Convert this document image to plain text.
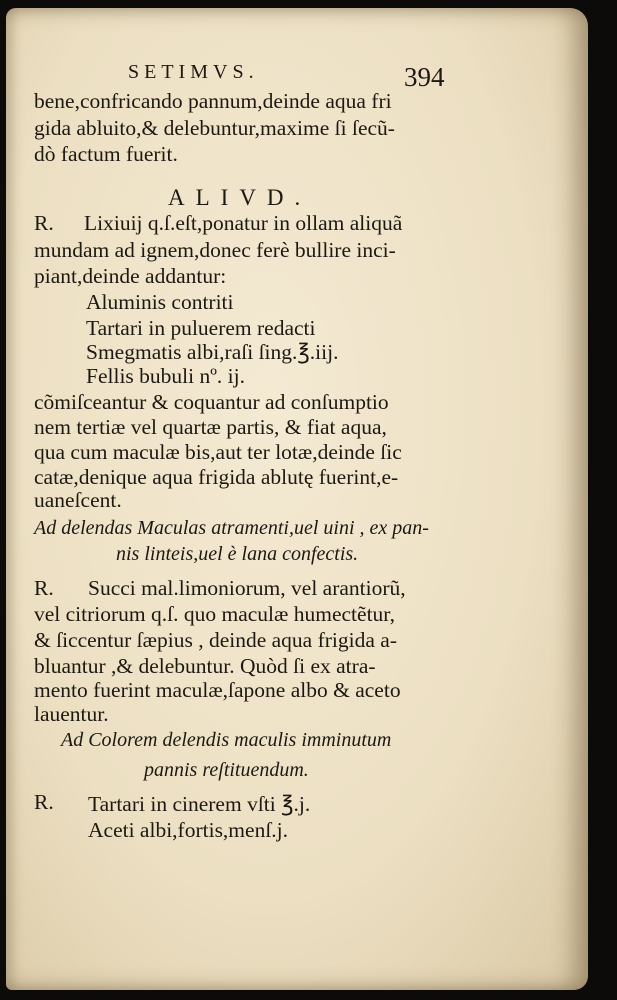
SETIMVS.	394
bene,confricando pannum,deinde aqua fri
gida abluito,& delebuntur,maxime ſi ſecũ-
dò factum fuerit.
ALIVD.
R. Lixiuij q.ſ.eſt,ponatur in ollam aliquã
mundam ad ignem,donec ferè bullire inci-
piant,deinde addantur:
Aluminis contriti
Tartari in puluerem redacti
Smegmatis albi,raſi ſing.℥.iij.
Fellis bubuli nº. ij.
cõmiſceantur & coquantur ad conſumptio
nem tertiæ vel quartæ partis, & fiat aqua,
qua cum maculæ bis,aut ter lotæ,deinde ſic
catæ,denique aqua frigida ablutę fuerint,e-
uaneſcent.
Ad delendas Maculas atramenti,uel uini , ex pan-
nis linteis,uel è lana confectis.
R. Succi mal.limoniorum, vel arantiorũ,
vel citriorum q.ſ. quo maculæ humectẽtur,
& ſiccentur ſæpius , deinde aqua frigida a-
bluantur ,& delebuntur. Quòd ſi ex atra-
mento fuerint maculæ,ſapone albo & aceto
lauentur.
Ad Colorem delendis maculis imminutum
pannis reſtituendum.
R. Tartari in cinerem vſti ℥.j.
Aceti albi,fortis,menſ.j.
